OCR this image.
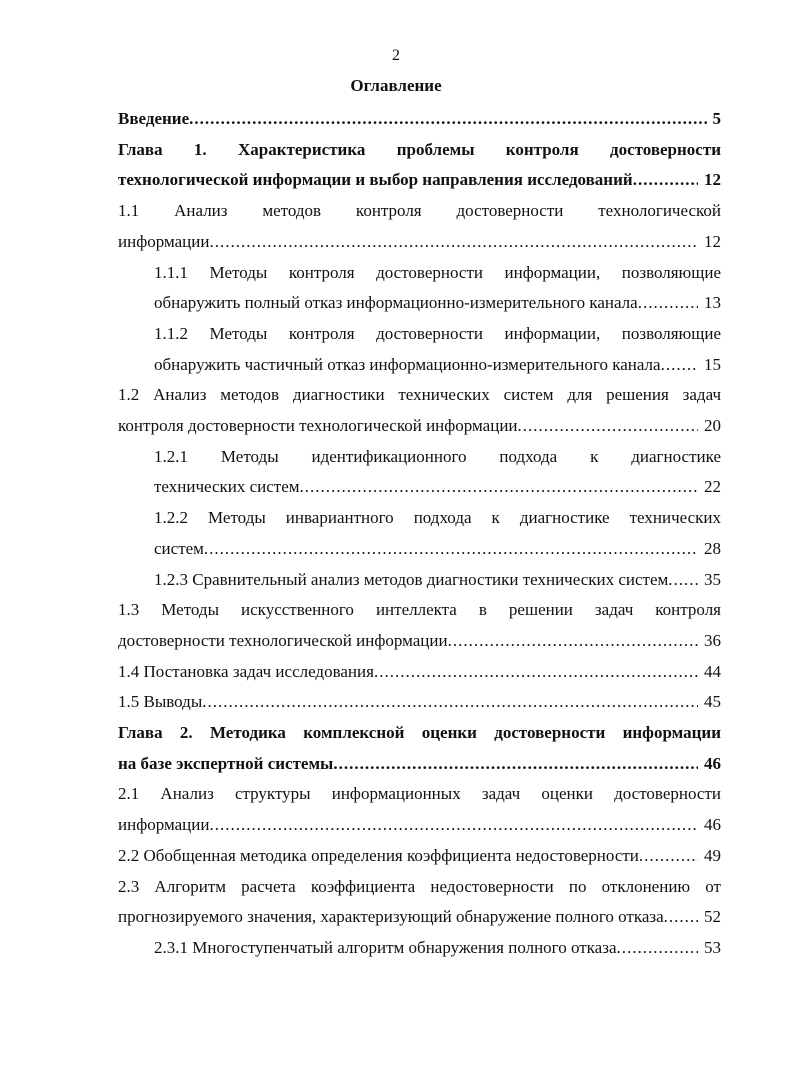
2
Оглавление
Введение .....	5
Глава 1. Характеристика проблемы контроля достоверности
технологической информации и выбор направления исследований .....	12
1.1 Анализ методов контроля достоверности технологической
информации .....	12
1.1.1 Методы контроля достоверности информации, позволяющие
обнаружить полный отказ информационно-измерительного канала .....	13
1.1.2 Методы контроля достоверности информации, позволяющие
обнаружить частичный отказ информационно-измерительного канала .....	15
1.2 Анализ методов диагностики технических систем для решения задач
контроля достоверности технологической информации .....	20
1.2.1 Методы идентификационного подхода к диагностике
технических систем .....	22
1.2.2 Методы инвариантного подхода к диагностике технических
систем .....	28
1.2.3 Сравнительный анализ методов диагностики технических систем .....	35
1.3 Методы искусственного интеллекта в решении задач контроля
достоверности технологической информации .....	36
1.4 Постановка задач исследования .....	44
1.5 Выводы .....	45
Глава 2. Методика комплексной оценки достоверности информации
на базе экспертной системы .....	46
2.1 Анализ структуры информационных задач оценки достоверности
информации .....	46
2.2 Обобщенная методика определения коэффициента недостоверности .....	49
2.3 Алгоритм расчета коэффициента недостоверности по отклонению от
прогнозируемого значения, характеризующий обнаружение полного отказа .....	52
2.3.1 Многоступенчатый алгоритм обнаружения полного отказа .....	53
